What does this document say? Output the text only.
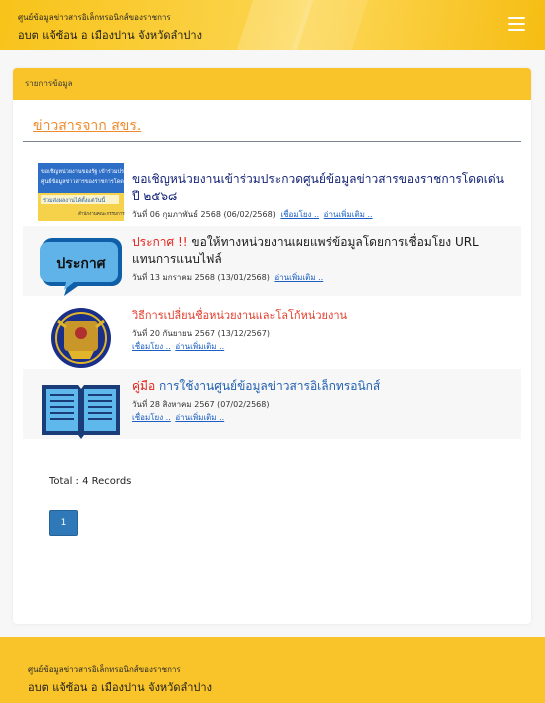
ศูนย์ข้อมูลข่าวสารอิเล็กทรอนิกส์ของราชการ
อบต แจ้ซ้อน อ เมืองปาน จังหวัดลำปาง
รายการข้อมูล
ข่าวสารจาก สขร.
ขอเชิญหน่วยงานของรัฐ เข้าร่วมประกวด
ศูนย์ข้อมูลข่าวสารของราชการโดดเด่น ปี
ร่วมส่งผลงานได้ตั้งแต่วันนี้
สำนักงานคณะกรรมการ

ขอเชิญหน่วยงานเข้าร่วมประกวดศูนย์ข้อมูลข่าวสารของราชการโดดเด่น ปี ๒๕๖๘

วันที่ 06 กุมภาพันธ์ 2568 (06/02/2568) เชื่อมโยง .. อ่านเพิ่มเติม ..
ประกาศ

ประกาศ !! ขอให้ทางหน่วยงานเผยแพร่ข้อมูลโดยการเชื่อมโยง URL แทนการแนบไฟล์

วันที่ 13 มกราคม 2568 (13/01/2568) อ่านเพิ่มเติม ..

วิธีการเปลี่ยนชื่อหน่วยงานและโลโก้หน่วยงาน

วันที่ 20 กันยายน 2567 (13/12/2567)
เชื่อมโยง .. อ่านเพิ่มเติม ..

คู่มือ การใช้งานศูนย์ข้อมูลข่าวสารอิเล็กทรอนิกส์

วันที่ 28 สิงหาคม 2567 (07/02/2568)
เชื่อมโยง .. อ่านเพิ่มเติม ..
Total : 4 Records
1
ศูนย์ข้อมูลข่าวสารอิเล็กทรอนิกส์ของราชการ
อบต แจ้ซ้อน อ เมืองปาน จังหวัดลำปาง
